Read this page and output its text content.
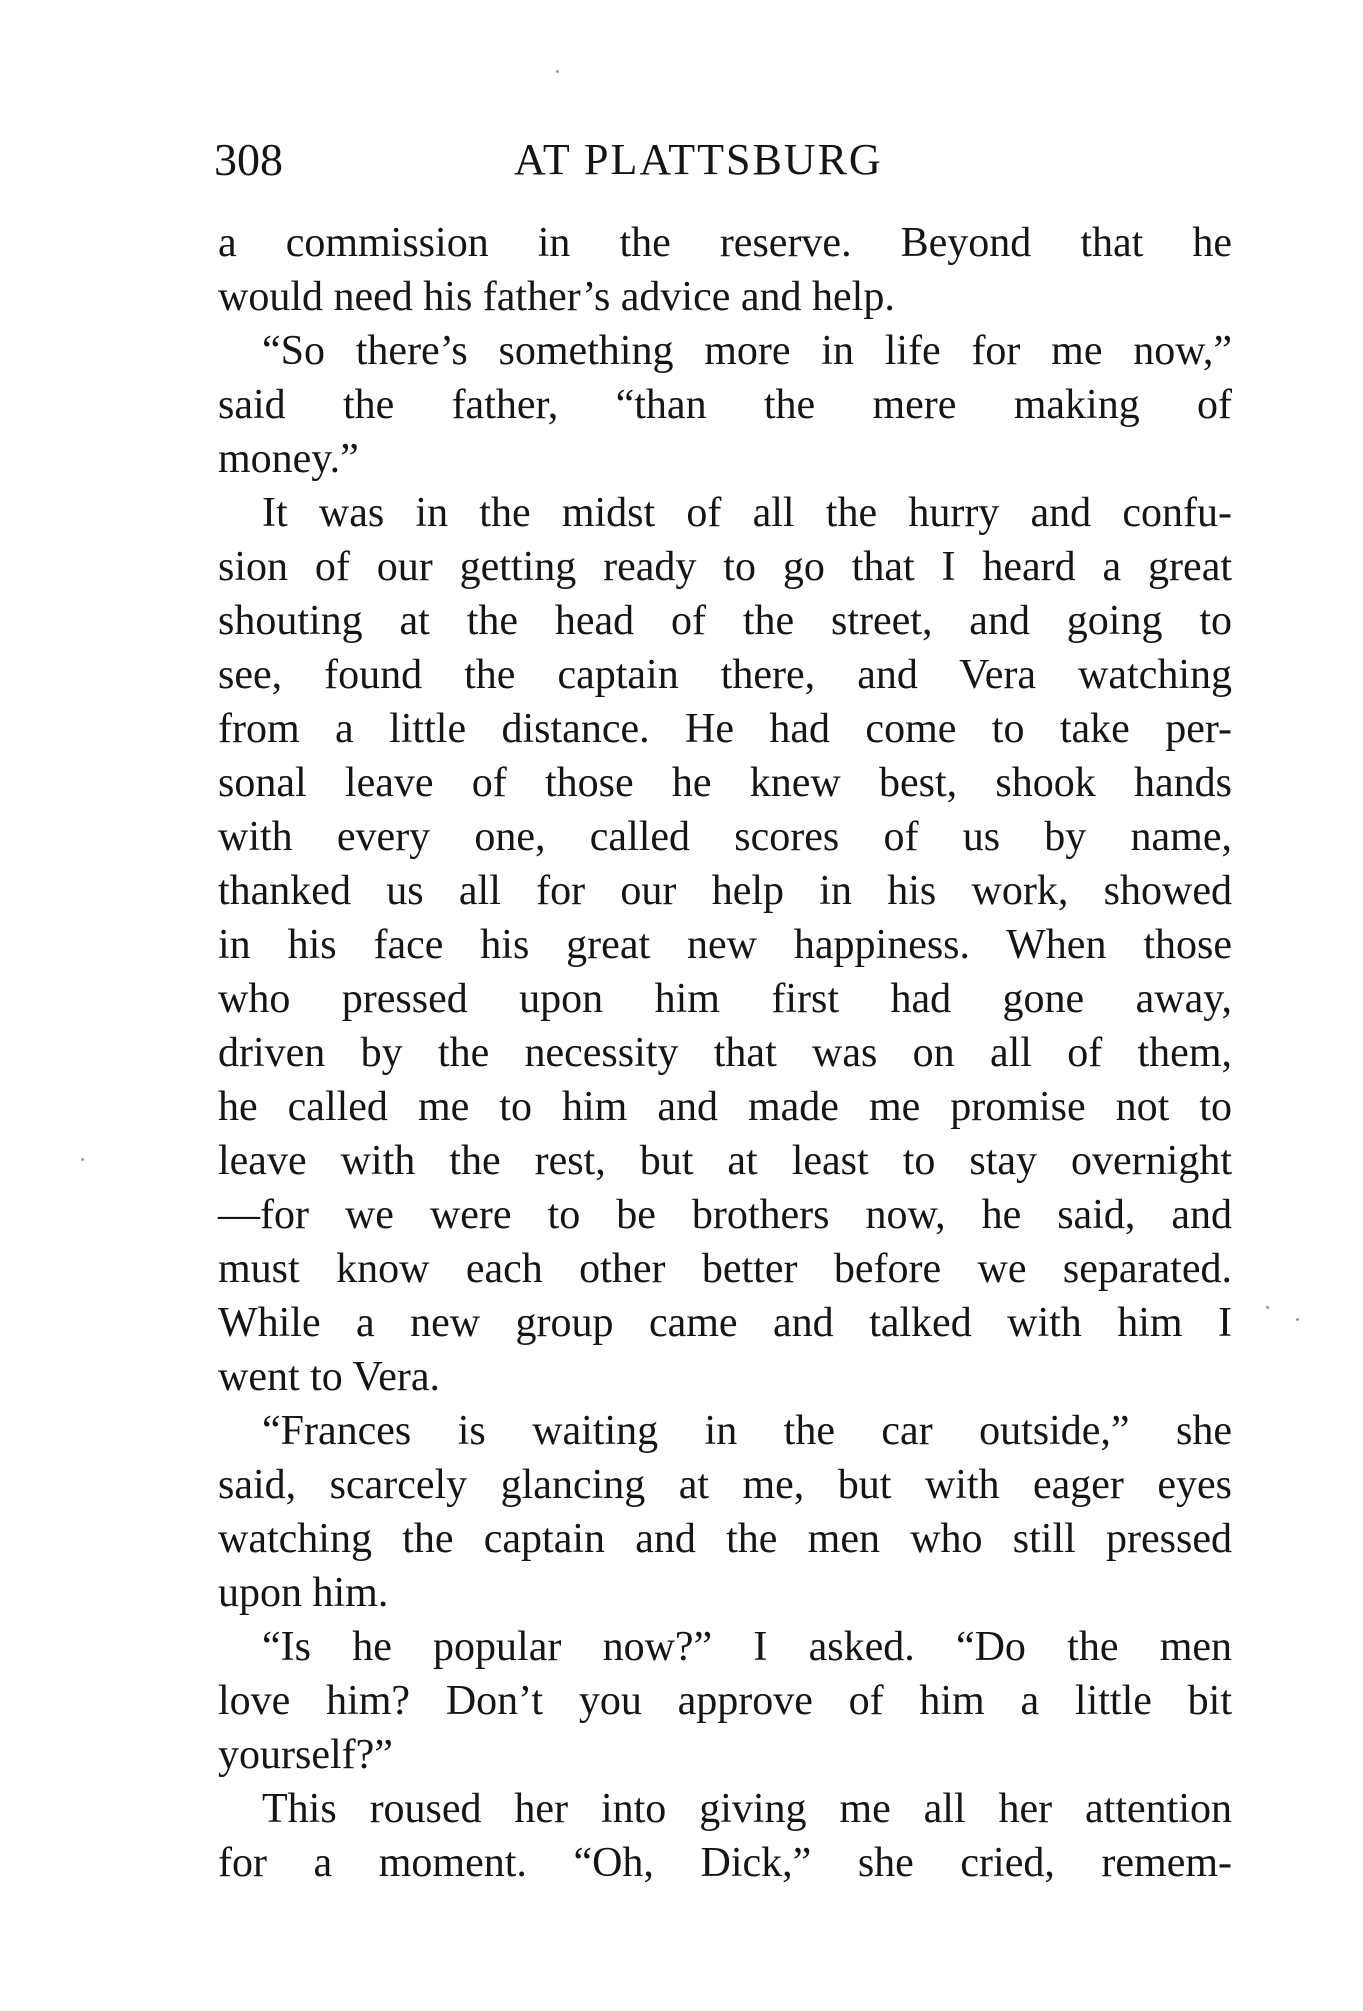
308	AT PLATTSBURG
a commission in the reserve. Beyond that he
would need his father’s advice and help.
“So there’s something more in life for me now,”
said the father, “than the mere making of
money.”
It was in the midst of all the hurry and confu-
sion of our getting ready to go that I heard a great
shouting at the head of the street, and going to
see, found the captain there, and Vera watching
from a little distance. He had come to take per-
sonal leave of those he knew best, shook hands
with every one, called scores of us by name,
thanked us all for our help in his work, showed
in his face his great new happiness. When those
who pressed upon him first had gone away,
driven by the necessity that was on all of them,
he called me to him and made me promise not to
leave with the rest, but at least to stay overnight
—for we were to be brothers now, he said, and
must know each other better before we separated.
While a new group came and talked with him I
went to Vera.
“Frances is waiting in the car outside,” she
said, scarcely glancing at me, but with eager eyes
watching the captain and the men who still pressed
upon him.
“Is he popular now?” I asked. “Do the men
love him? Don’t you approve of him a little bit
yourself?”
This roused her into giving me all her attention
for a moment. “Oh, Dick,” she cried, remem-
